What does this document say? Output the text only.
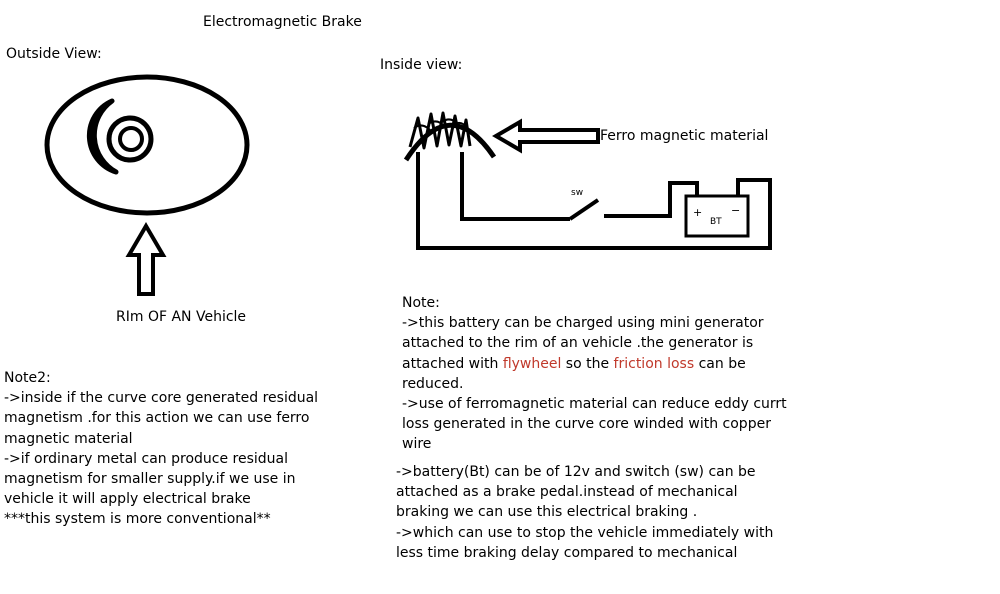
Electromagnetic Brake
Outside View:
RIm OF AN Vehicle
Inside view:
Ferro magnetic material
sw
+	−
BT
Note:
->this battery can be charged using mini generator
attached to the rim of an vehicle .the generator is
attached with flywheel so the friction loss can be
reduced.
->use of ferromagnetic material can reduce eddy currt
loss generated in the curve core winded with copper
wire
->battery(Bt) can be of 12v and switch (sw) can be
attached as a brake pedal.instead of mechanical
braking we can use this electrical braking .
->which can use to stop the vehicle immediately with
less time braking delay compared to mechanical
Note2:
->inside if the curve core generated residual
magnetism .for this action we can use ferro
magnetic material
->if ordinary metal can produce residual
magnetism for smaller supply.if we use in
vehicle it will apply electrical brake
***this system is more conventional**
